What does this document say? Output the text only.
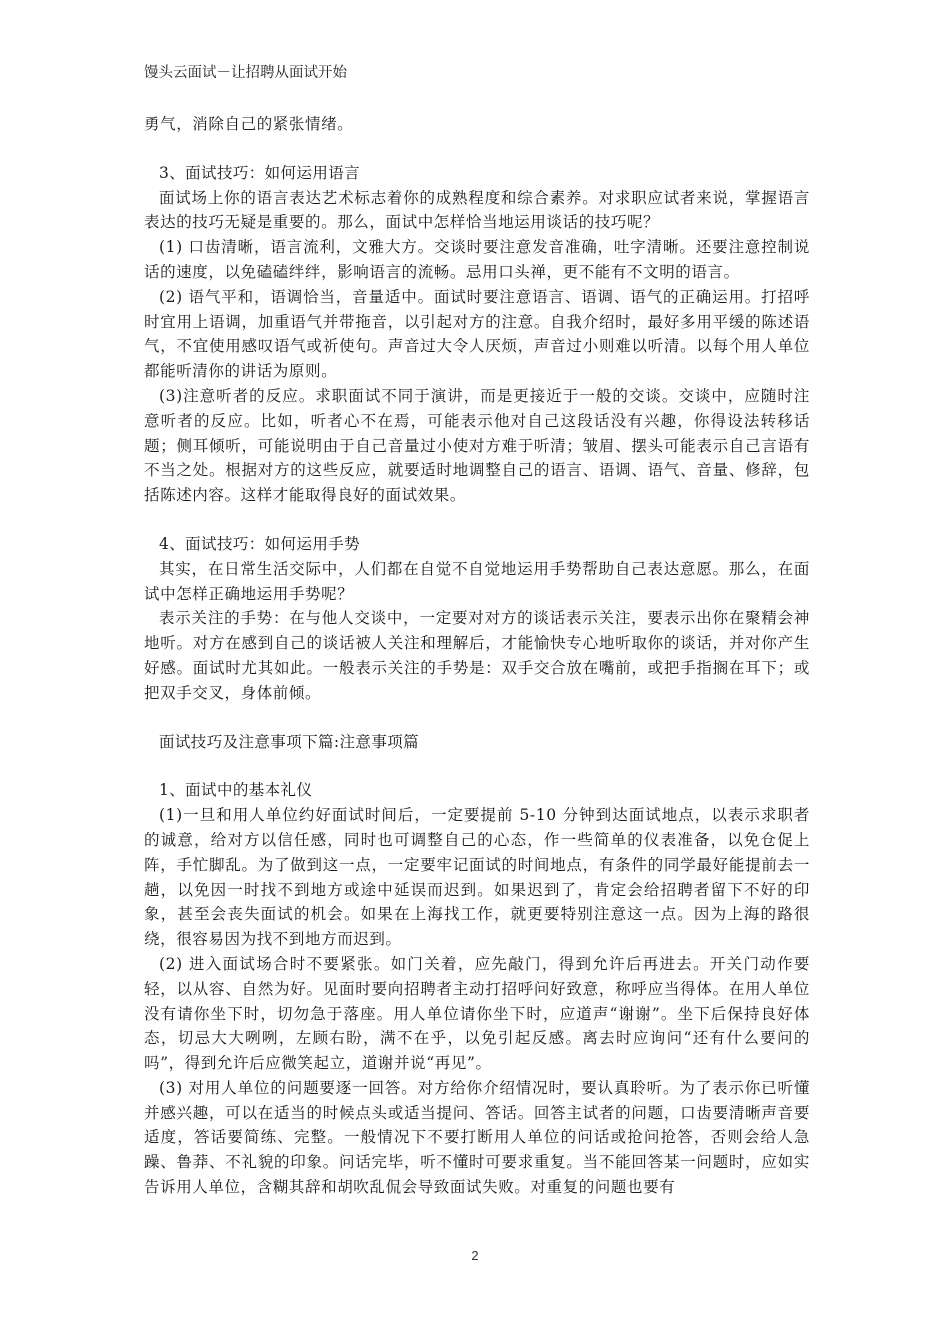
馒头云面试－让招聘从面试开始

勇气，消除自己的紧张情绪。

3、面试技巧：如何运用语言

面试场上你的语言表达艺术标志着你的成熟程度和综合素养。对求职应试者来说，掌握语言表达的技巧无疑是重要的。那么，面试中怎样恰当地运用谈话的技巧呢？

(1) 口齿清晰，语言流利，文雅大方。交谈时要注意发音准确，吐字清晰。还要注意控制说话的速度，以免磕磕绊绊，影响语言的流畅。忌用口头禅，更不能有不文明的语言。

(2) 语气平和，语调恰当，音量适中。面试时要注意语言、语调、语气的正确运用。打招呼时宜用上语调，加重语气并带拖音，以引起对方的注意。自我介绍时，最好多用平缓的陈述语气，不宜使用感叹语气或祈使句。声音过大令人厌烦，声音过小则难以听清。以每个用人单位都能听清你的讲话为原则。

(3)注意听者的反应。求职面试不同于演讲，而是更接近于一般的交谈。交谈中，应随时注意听者的反应。比如，听者心不在焉，可能表示他对自己这段话没有兴趣，你得设法转移话题；侧耳倾听，可能说明由于自己音量过小使对方难于听清；皱眉、摆头可能表示自己言语有不当之处。根据对方的这些反应，就要适时地调整自己的语言、语调、语气、音量、修辞，包括陈述内容。这样才能取得良好的面试效果。

4、面试技巧：如何运用手势

其实，在日常生活交际中，人们都在自觉不自觉地运用手势帮助自己表达意愿。那么，在面试中怎样正确地运用手势呢？

表示关注的手势：在与他人交谈中，一定要对对方的谈话表示关注，要表示出你在聚精会神地听。对方在感到自己的谈话被人关注和理解后，才能愉快专心地听取你的谈话，并对你产生好感。面试时尤其如此。一般表示关注的手势是：双手交合放在嘴前，或把手指搁在耳下；或把双手交叉，身体前倾。

面试技巧及注意事项下篇:注意事项篇

1、面试中的基本礼仪

(1)一旦和用人单位约好面试时间后，一定要提前 5-10 分钟到达面试地点，以表示求职者的诚意，给对方以信任感，同时也可调整自己的心态，作一些简单的仪表准备，以免仓促上阵，手忙脚乱。为了做到这一点，一定要牢记面试的时间地点，有条件的同学最好能提前去一趟，以免因一时找不到地方或途中延误而迟到。如果迟到了，肯定会给招聘者留下不好的印象，甚至会丧失面试的机会。如果在上海找工作，就更要特别注意这一点。因为上海的路很绕，很容易因为找不到地方而迟到。

(2) 进入面试场合时不要紧张。如门关着，应先敲门，得到允许后再进去。开关门动作要轻，以从容、自然为好。见面时要向招聘者主动打招呼问好致意，称呼应当得体。在用人单位没有请你坐下时，切勿急于落座。用人单位请你坐下时，应道声“谢谢”。坐下后保持良好体态，切忌大大咧咧，左顾右盼，满不在乎，以免引起反感。离去时应询问“还有什么要问的吗”，得到允许后应微笑起立，道谢并说“再见”。

(3) 对用人单位的问题要逐一回答。对方给你介绍情况时，要认真聆听。为了表示你已听懂并感兴趣，可以在适当的时候点头或适当提问、答话。回答主试者的问题，口齿要清晰声音要适度，答话要简练、完整。一般情况下不要打断用人单位的问话或抢问抢答，否则会给人急躁、鲁莽、不礼貌的印象。问话完毕，听不懂时可要求重复。当不能回答某一问题时，应如实告诉用人单位，含糊其辞和胡吹乱侃会导致面试失败。对重复的问题也要有

2
